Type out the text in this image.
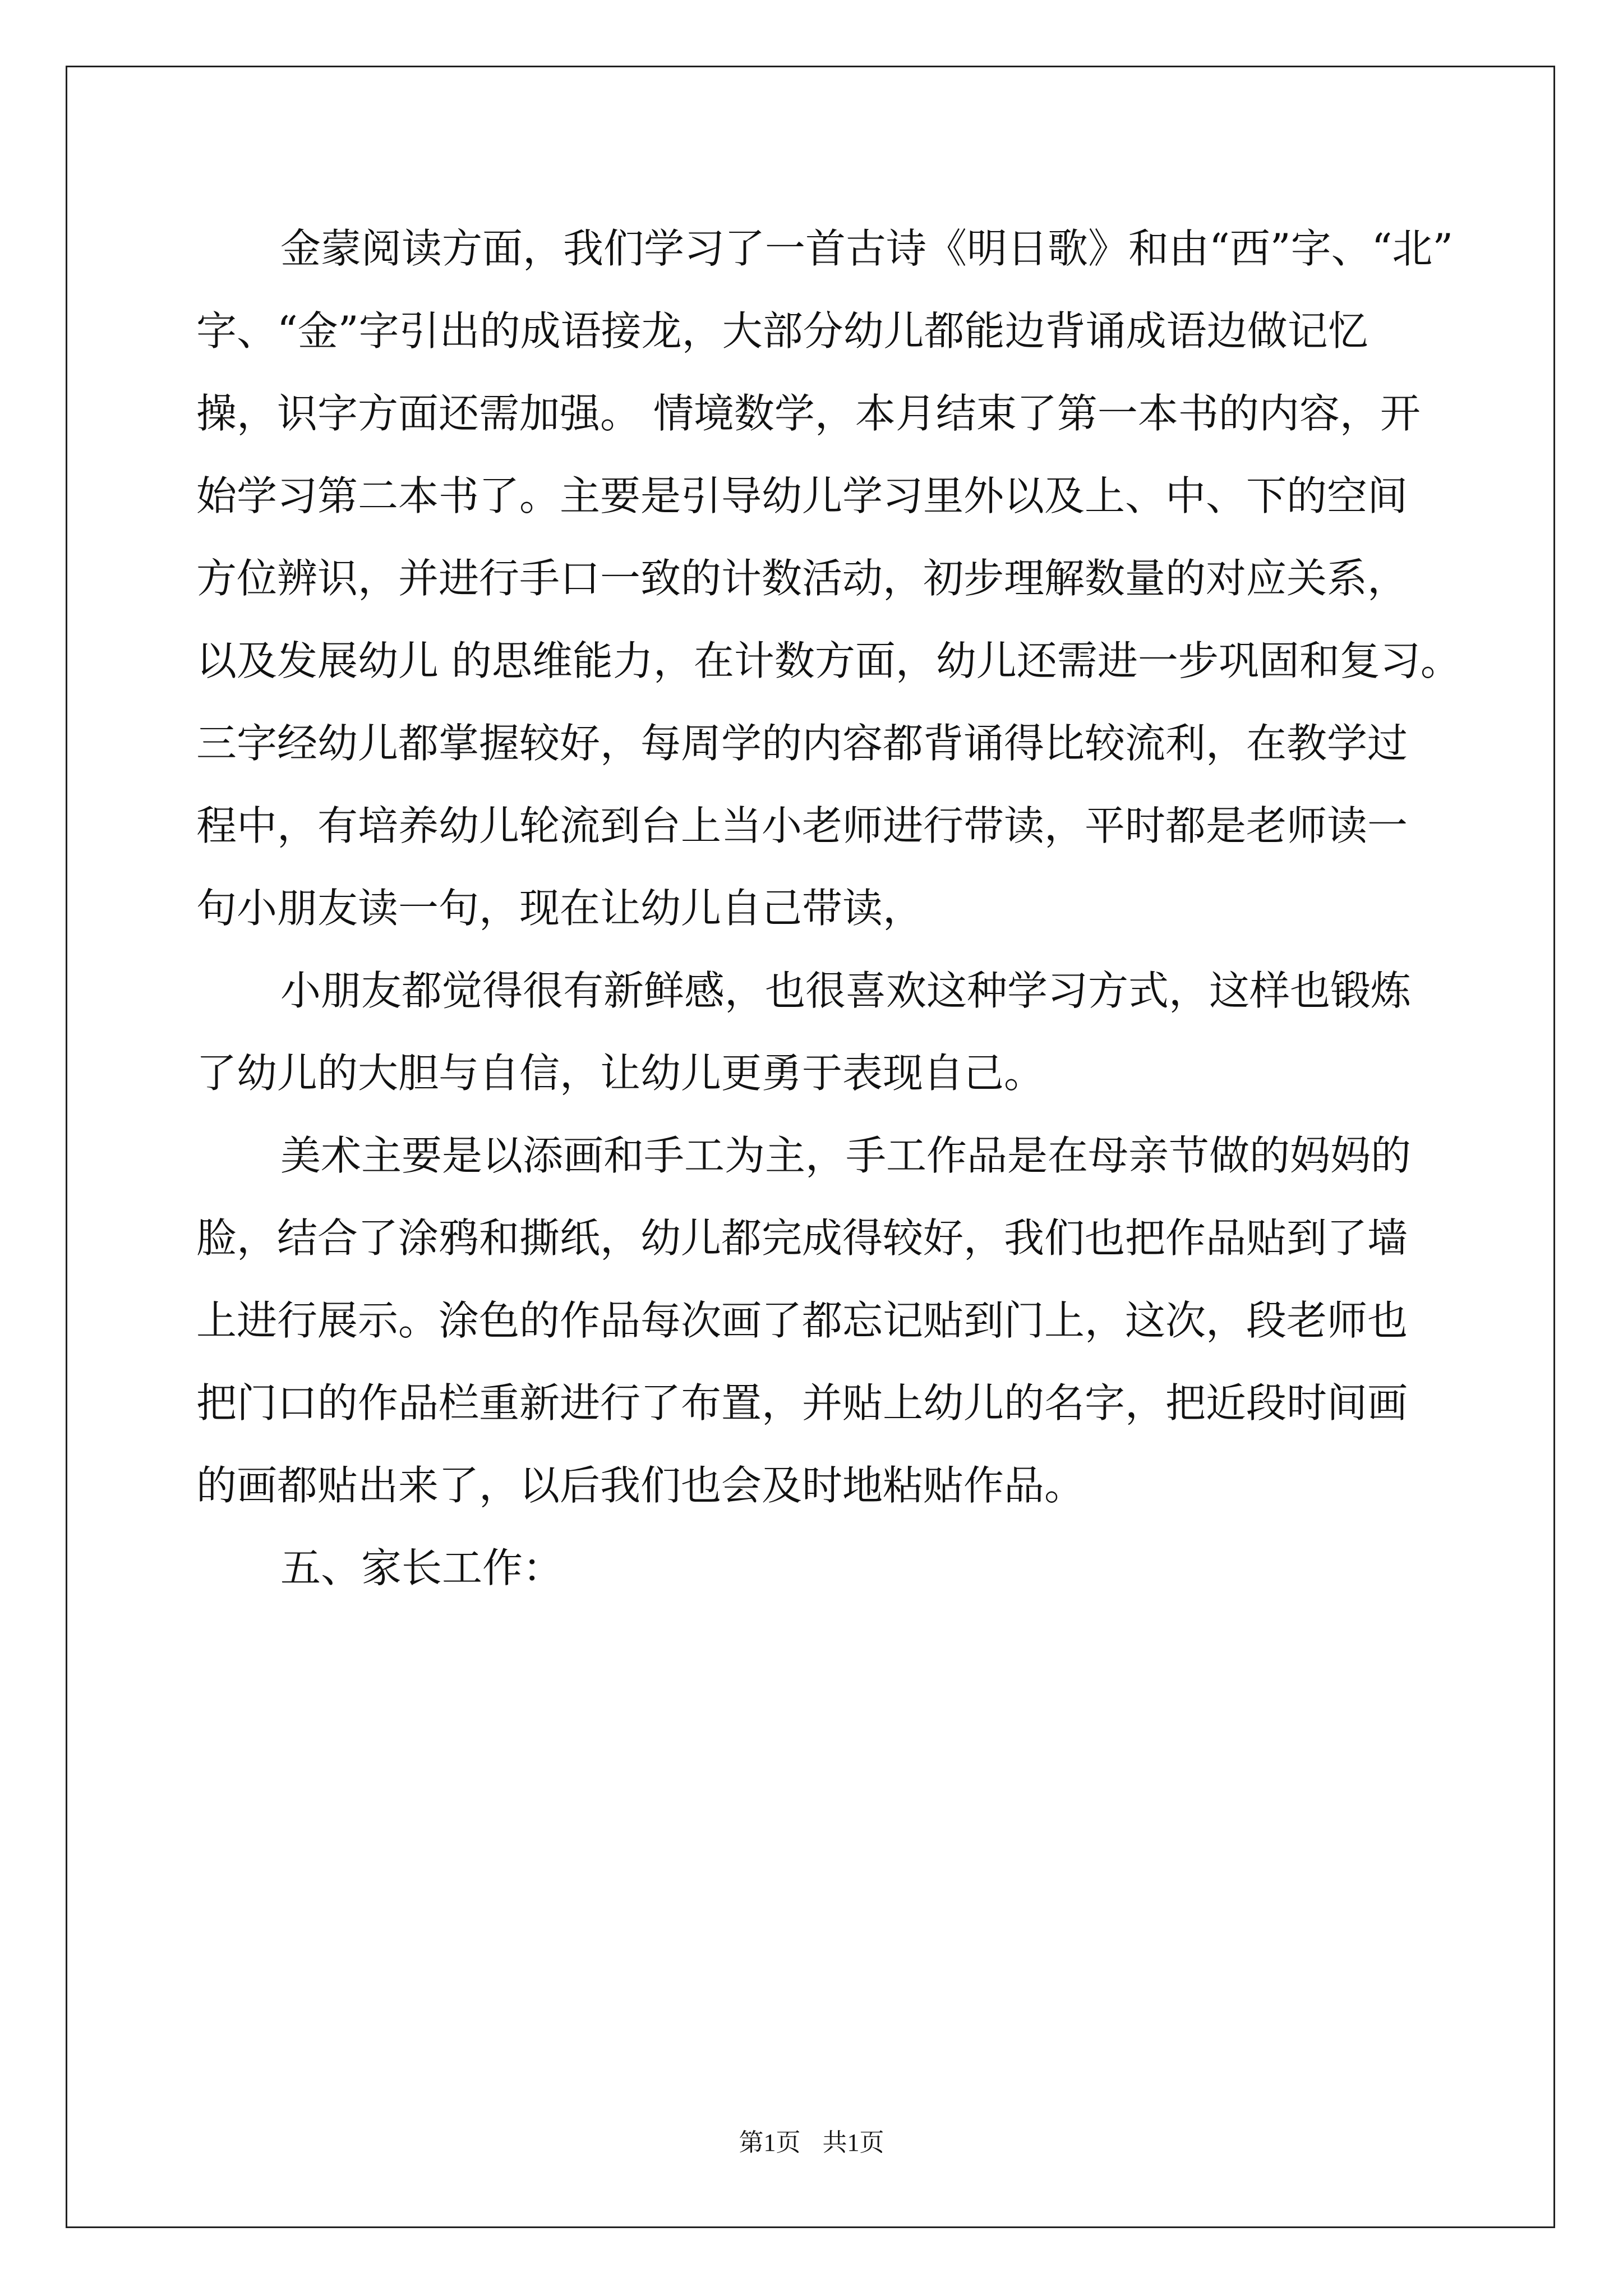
金蒙阅读方面，我们学习了一首古诗《明日歌》和由“西”字、“北”
字、“金”字引出的成语接龙，大部分幼儿都能边背诵成语边做记忆
操，识字方面还需加强。 情境数学，本月结束了第一本书的内容，开
始学习第二本书了。主要是引导幼儿学习里外以及上、中、下的空间
方位辨识，并进行手口一致的计数活动，初步理解数量的对应关系，
以及发展幼儿 的思维能力，在计数方面，幼儿还需进一步巩固和复习。
三字经幼儿都掌握较好，每周学的内容都背诵得比较流利，在教学过
程中，有培养幼儿轮流到台上当小老师进行带读，平时都是老师读一
句小朋友读一句，现在让幼儿自己带读，
小朋友都觉得很有新鲜感，也很喜欢这种学习方式，这样也锻炼
了幼儿的大胆与自信，让幼儿更勇于表现自己。
美术主要是以添画和手工为主，手工作品是在母亲节做的妈妈的
脸，结合了涂鸦和撕纸，幼儿都完成得较好，我们也把作品贴到了墙
上进行展示。涂色的作品每次画了都忘记贴到门上，这次，段老师也
把门口的作品栏重新进行了布置，并贴上幼儿的名字，把近段时间画
的画都贴出来了，以后我们也会及时地粘贴作品。
五、家长工作：
第1页 共1页
